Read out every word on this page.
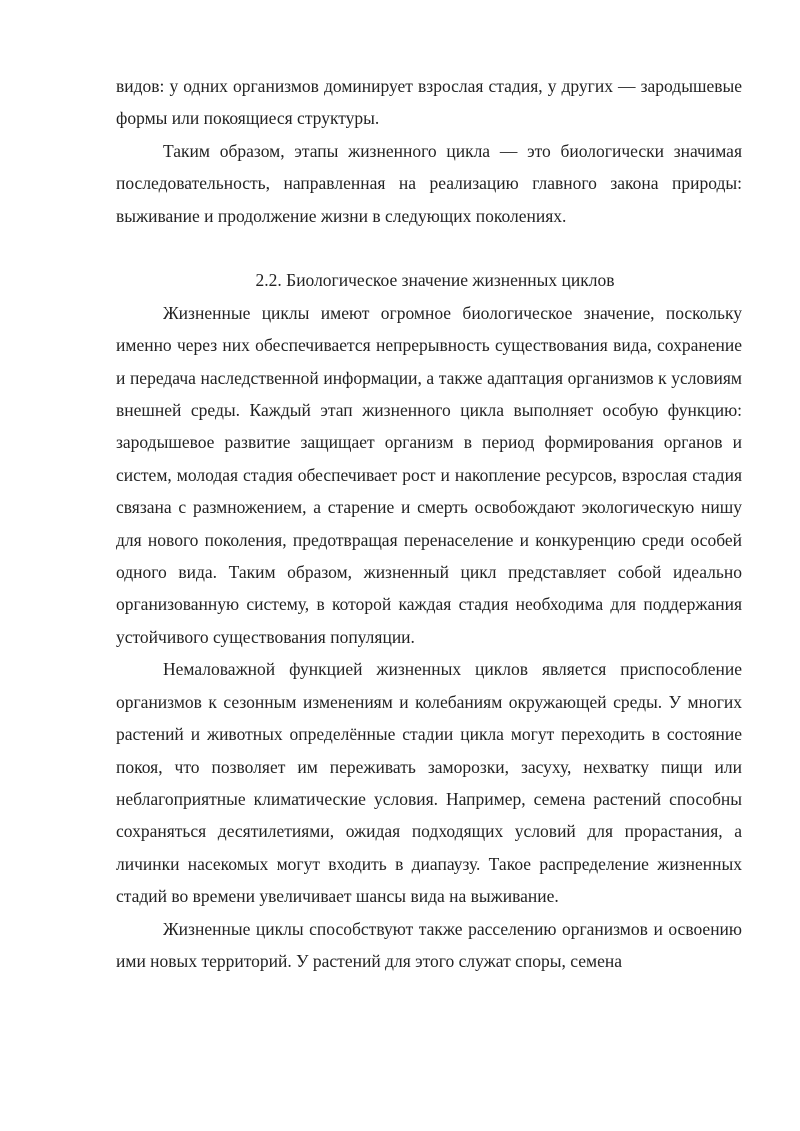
видов: у одних организмов доминирует взрослая стадия, у других — зародышевые формы или покоящиеся структуры.

Таким образом, этапы жизненного цикла — это биологически значимая последовательность, направленная на реализацию главного закона природы: выживание и продолжение жизни в следующих поколениях.

2.2. Биологическое значение жизненных циклов

Жизненные циклы имеют огромное биологическое значение, поскольку именно через них обеспечивается непрерывность существования вида, сохранение и передача наследственной информации, а также адаптация организмов к условиям внешней среды. Каждый этап жизненного цикла выполняет особую функцию: зародышевое развитие защищает организм в период формирования органов и систем, молодая стадия обеспечивает рост и накопление ресурсов, взрослая стадия связана с размножением, а старение и смерть освобождают экологическую нишу для нового поколения, предотвращая перенаселение и конкуренцию среди особей одного вида. Таким образом, жизненный цикл представляет собой идеально организованную систему, в которой каждая стадия необходима для поддержания устойчивого существования популяции.

Немаловажной функцией жизненных циклов является приспособление организмов к сезонным изменениям и колебаниям окружающей среды. У многих растений и животных определённые стадии цикла могут переходить в состояние покоя, что позволяет им переживать заморозки, засуху, нехватку пищи или неблагоприятные климатические условия. Например, семена растений способны сохраняться десятилетиями, ожидая подходящих условий для прорастания, а личинки насекомых могут входить в диапаузу. Такое распределение жизненных стадий во времени увеличивает шансы вида на выживание.

Жизненные циклы способствуют также расселению организмов и освоению ими новых территорий. У растений для этого служат споры, семена
